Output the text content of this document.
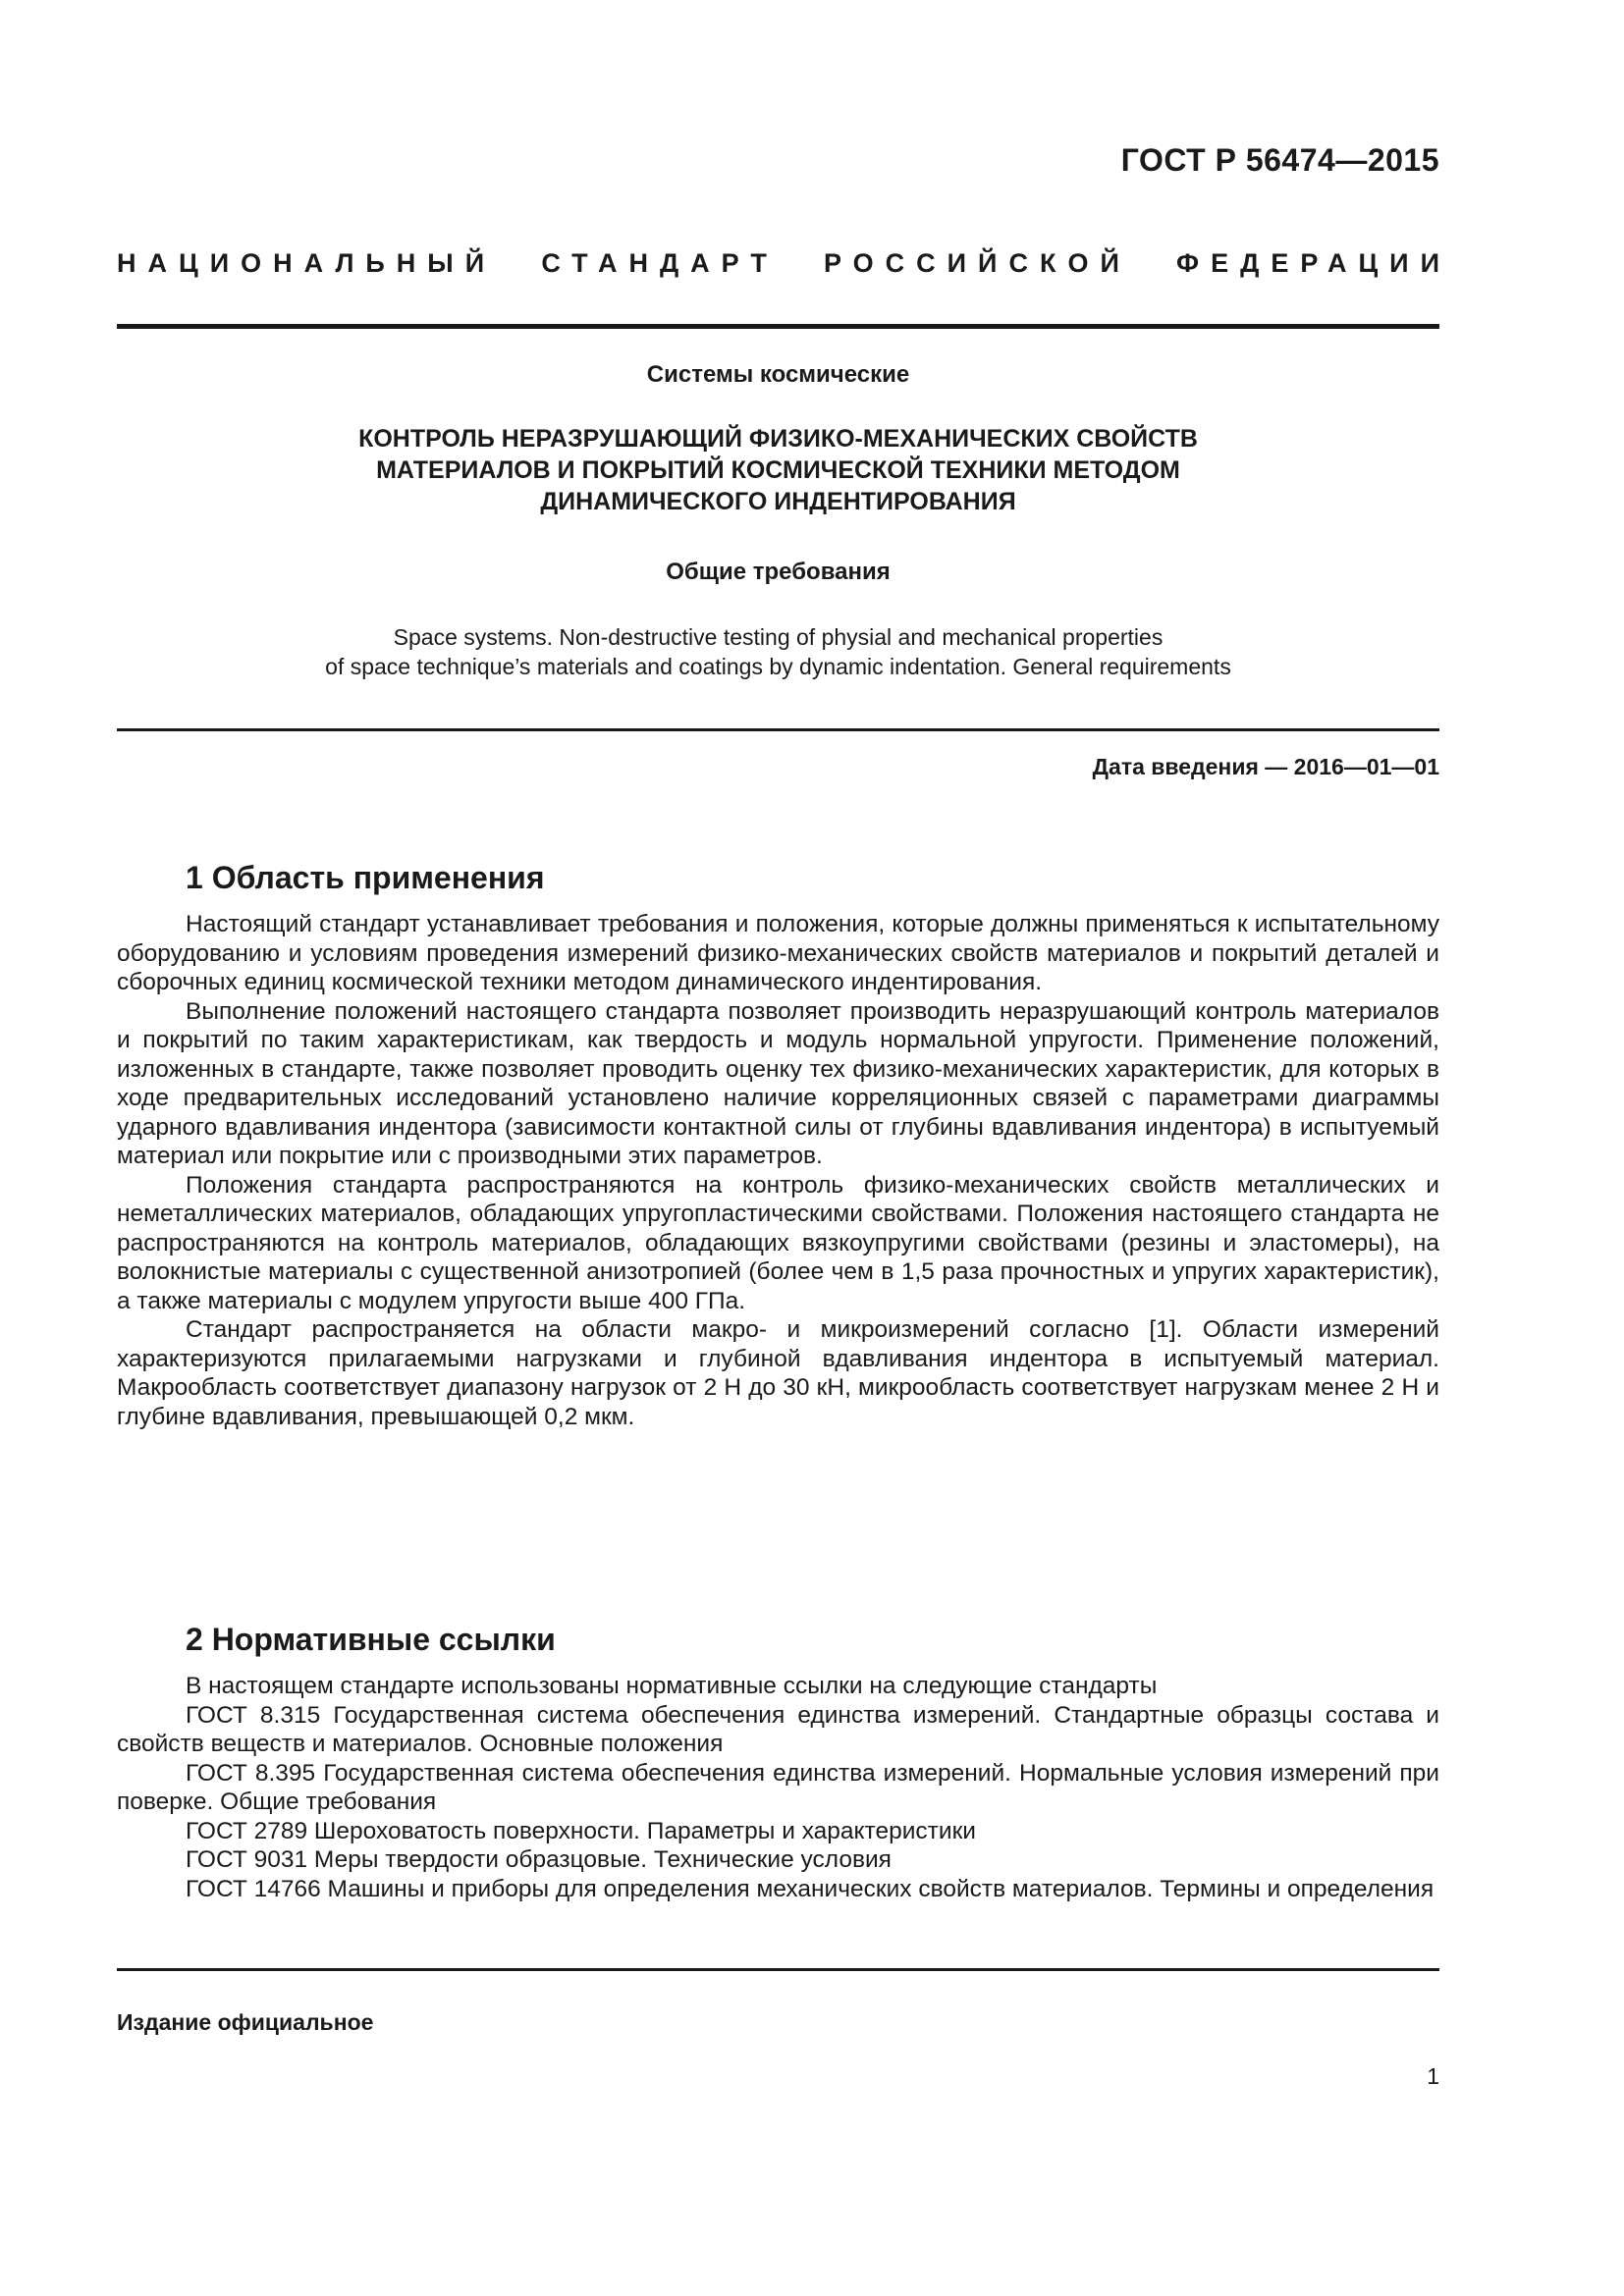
ГОСТ Р 56474—2015
НАЦИОНАЛЬНЫЙ СТАНДАРТ РОССИЙСКОЙ ФЕДЕРАЦИИ
Системы космические
КОНТРОЛЬ НЕРАЗРУШАЮЩИЙ ФИЗИКО-МЕХАНИЧЕСКИХ СВОЙСТВ
МАТЕРИАЛОВ И ПОКРЫТИЙ КОСМИЧЕСКОЙ ТЕХНИКИ МЕТОДОМ
ДИНАМИЧЕСКОГО ИНДЕНТИРОВАНИЯ
Общие требования
Space systems. Non-destructive testing of physial and mechanical properties
of space technique’s materials and coatings by dynamic indentation. General requirements
Дата введения — 2016—01—01
1 Область применения

Настоящий стандарт устанавливает требования и положения, которые должны применяться к испытательному оборудованию и условиям проведения измерений физико-механических свойств материалов и покрытий деталей и сборочных единиц космической техники методом динамического индентирования.

Выполнение положений настоящего стандарта позволяет производить неразрушающий контроль материалов и покрытий по таким характеристикам, как твердость и модуль нормальной упругости. Применение положений, изложенных в стандарте, также позволяет проводить оценку тех физико-механических характеристик, для которых в ходе предварительных исследований установлено наличие корреляционных связей с параметрами диаграммы ударного вдавливания индентора (зависимости контактной силы от глубины вдавливания индентора) в испытуемый материал или покрытие или с производными этих параметров.

Положения стандарта распространяются на контроль физико-механических свойств металлических и неметаллических материалов, обладающих упругопластическими свойствами. Положения настоящего стандарта не распространяются на контроль материалов, обладающих вязкоупругими свойствами (резины и эластомеры), на волокнистые материалы с существенной анизотропией (более чем в 1,5 раза прочностных и упругих характеристик), а также материалы с модулем упругости выше 400 ГПа.

Стандарт распространяется на области макро- и микроизмерений согласно [1]. Области измерений характеризуются прилагаемыми нагрузками и глубиной вдавливания индентора в испытуемый материал. Макрообласть соответствует диапазону нагрузок от 2 Н до 30 кН, микрообласть соответствует нагрузкам менее 2 Н и глубине вдавливания, превышающей 0,2 мкм.

2 Нормативные ссылки

В настоящем стандарте использованы нормативные ссылки на следующие стандарты

ГОСТ 8.315 Государственная система обеспечения единства измерений. Стандартные образцы состава и свойств веществ и материалов. Основные положения

ГОСТ 8.395 Государственная система обеспечения единства измерений. Нормальные условия измерений при поверке. Общие требования

ГОСТ 2789 Шероховатость поверхности. Параметры и характеристики

ГОСТ 9031 Меры твердости образцовые. Технические условия

ГОСТ 14766 Машины и приборы для определения механических свойств материалов. Термины и определения

Издание официальное
1
